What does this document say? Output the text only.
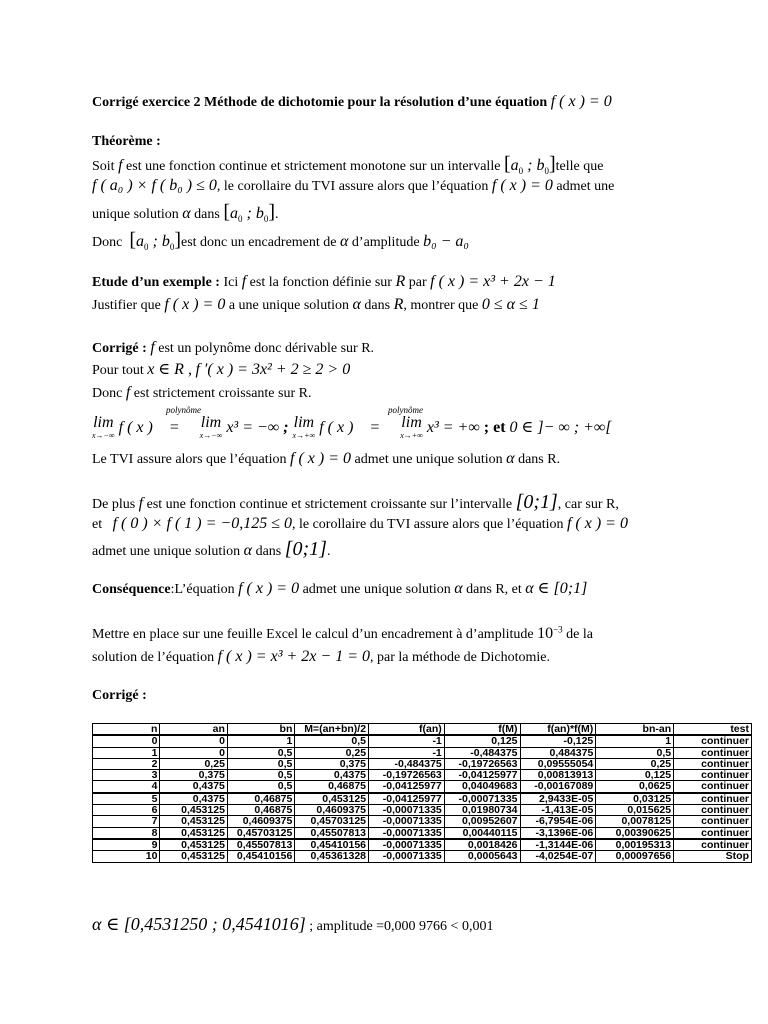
Corrigé exercice 2 Méthode de dichotomie pour la résolution d’une équation f ( x ) = 0
Théorème :
Soit f est une fonction continue et strictement monotone sur un intervalle [$a_0$ ; $b_0]telle$ que
f ( a₀ ) × f ( b₀ ) ≤ 0, le corollaire du TVI assure alors que l’équation f ( x ) = 0 admet une
unique solution α dans [$a_0$ ; $b_0$].
Donc [$a_0$ ; $b_0]est$ donc un encadrement de α d’amplitude b₀ − a₀
Etude d’un exemple : Ici f est la fonction définie sur R par f ( x ) = x³ + 2x − 1
Justifier que f ( x ) = 0 a une unique solution α dans R, montrer que 0 ≤ α ≤ 1
Corrigé : f est un polynôme donc dérivable sur R.
Pour tout x ∈ R , f ′( x ) = 3x² + 2 ≥ 2 > 0
Donc f est strictement croissante sur R.
polynôme	polynôme
lim
x→−∞ f ( x ) = lim
x→−∞ x³ = −∞ ; lim
x→+∞ f ( x ) = lim
x→+∞ x³ = +∞ ; et 0 ∈ ]− ∞ ; +∞[
Le TVI assure alors que l’équation f ( x ) = 0 admet une unique solution α dans R.
De plus f est une fonction continue et strictement croissante sur l’intervalle [0;1], car sur R,
et f ( 0 ) × f ( 1 ) = −0,125 ≤ 0, le corollaire du TVI assure alors que l’équation f ( x ) = 0
admet une unique solution α dans [0;1].
Conséquence:L’équation f ( x ) = 0 admet une unique solution α dans R, et α ∈ [0;1]
Mettre en place sur une feuille Excel le calcul d’un encadrement à d’amplitude $10^{-3}$ de la
solution de l’équation f ( x ) = x³ + 2x − 1 = 0, par la méthode de Dichotomie.
Corrigé :
n	an	bn	M=(an+bn)/2	f(an)	f(M)	f(an)*f(M)	bn-an	test
0	0	1	0,5	-1	0,125	-0,125	1	continuer
1	0	0,5	0,25	-1	-0,484375	0,484375	0,5	continuer
2	0,25	0,5	0,375	-0,484375	-0,19726563	0,09555054	0,25	continuer
3	0,375	0,5	0,4375	-0,19726563	-0,04125977	0,00813913	0,125	continuer
4	0,4375	0,5	0,46875	-0,04125977	0,04049683	-0,00167089	0,0625	continuer
5	0,4375	0,46875	0,453125	-0,04125977	-0,00071335	2,9433E-05	0,03125	continuer
6	0,453125	0,46875	0,4609375	-0,00071335	0,01980734	-1,413E-05	0,015625	continuer
7	0,453125	0,4609375	0,45703125	-0,00071335	0,00952607	-6,7954E-06	0,0078125	continuer
8	0,453125	0,45703125	0,45507813	-0,00071335	0,00440115	-3,1396E-06	0,00390625	continuer
9	0,453125	0,45507813	0,45410156	-0,00071335	0,0018426	-1,3144E-06	0,00195313	continuer
10	0,453125	0,45410156	0,45361328	-0,00071335	0,0005643	-4,0254E-07	0,00097656	Stop
α ∈ [0,4531250 ; 0,4541016] ; amplitude =0,000 9766 < 0,001
